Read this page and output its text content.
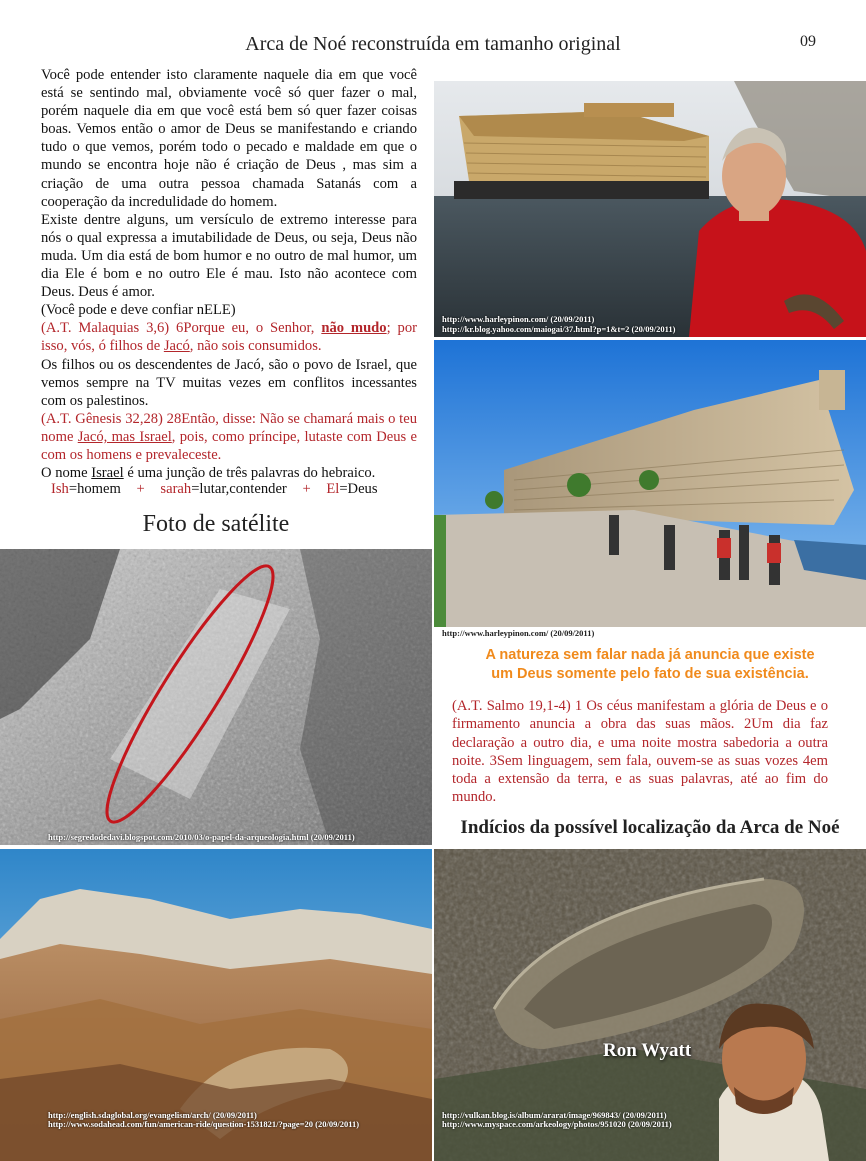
Arca de Noé reconstruída em tamanho original	09

Você pode entender isto claramente naquele dia em que você está se sentindo mal, obviamente você só quer fazer o mal, porém naquele dia em que você está bem só quer fazer coisas boas. Vemos então o amor de Deus se manifestando e criando tudo o que vemos, porém todo o pecado e maldade em que o mundo se encontra hoje não é criação de Deus , mas sim a criação de uma outra pessoa chamada Satanás com a cooperação da incredulidade do homem.

Existe dentre alguns, um versículo de extremo interesse para nós o qual expressa a imutabilidade de Deus, ou seja, Deus não muda. Um dia está de bom humor e no outro de mal humor, um dia Ele é bom e no outro Ele é mau. Isto não acontece com Deus. Deus é amor.

(Você pode e deve confiar nELE)

(A.T. Malaquias 3,6) 6Porque eu, o Senhor, não mudo; por isso, vós, ó filhos de Jacó, não sois consumidos.

Os filhos ou os descendentes de Jacó, são o povo de Israel, que vemos sempre na TV muitas vezes em conflitos incessantes com os palestinos.

(A.T. Gênesis 32,28) 28Então, disse: Não se chamará mais o teu nome Jacó, mas Israel, pois, como príncipe, lutaste com Deus e com os homens e prevaleceste.

O nome Israel é uma junção de três palavras do hebraico.

Ish=homem + sarah=lutar,contender + El=Deus
Foto de satélite
http://segredodedavi.blogspot.com/2010/03/o-papel-da-arqueologia.html (20/09/2011)
http://www.harleypinon.com/ (20/09/2011)
http://kr.blog.yahoo.com/maiogai/37.html?p=1&t=2 (20/09/2011)
http://www.harleypinon.com/ (20/09/2011)
A natureza sem falar nada já anuncia que existe
um Deus somente pelo fato de sua existência.
(A.T. Salmo 19,1-4) 1 Os céus manifestam a glória de Deus e o firmamento anuncia a obra das suas mãos. 2Um dia faz declaração a outro dia, e uma noite mostra sabedoria a outra noite. 3Sem linguagem, sem fala, ouvem-se as suas vozes 4em toda a extensão da terra, e as suas palavras, até ao fim do mundo.
Indícios da possível localização da Arca de Noé
http://english.sdaglobal.org/evangelism/arch/ (20/09/2011)
http://www.sodahead.com/fun/american-ride/question-1531821/?page=20 (20/09/2011)
http://vulkan.blog.is/album/ararat/image/969843/ (20/09/2011)
http://www.myspace.com/arkeology/photos/951020 (20/09/2011)
Ron Wyatt
